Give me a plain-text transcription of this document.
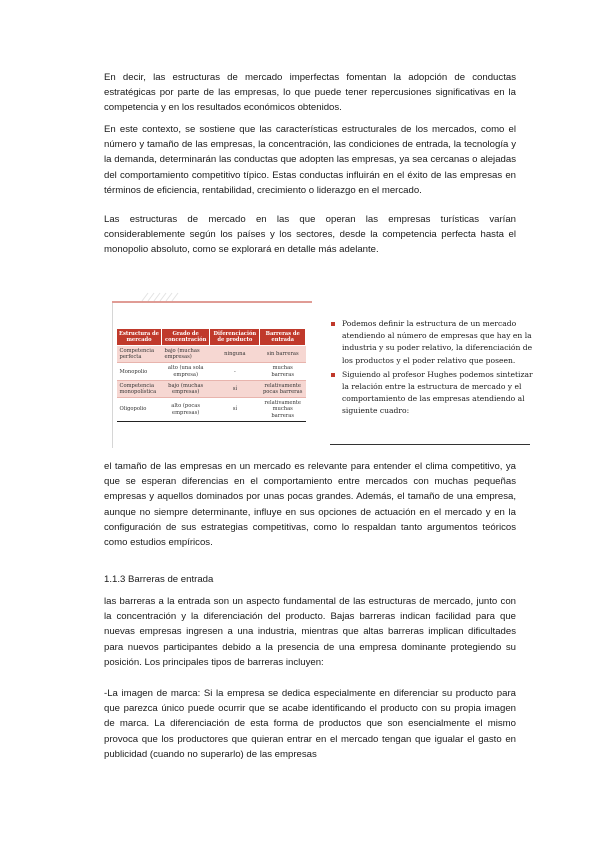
En decir, las estructuras de mercado imperfectas fomentan la adopción de conductas estratégicas por parte de las empresas, lo que puede tener repercusiones significativas en la competencia y en los resultados económicos obtenidos.

En este contexto, se sostiene que las características estructurales de los mercados, como el número y tamaño de las empresas, la concentración, las condiciones de entrada, la tecnología y la demanda, determinarán las conductas que adopten las empresas, ya sea cercanas o alejadas del comportamiento competitivo típico. Estas conductas influirán en el éxito de las empresas en términos de eficiencia, rentabilidad, crecimiento o liderazgo en el mercado.

Las estructuras de mercado en las que operan las empresas turísticas varían considerablemente según los países y los sectores, desde la competencia perfecta hasta el monopolio absoluto, como se explorará en detalle más adelante.

Estructura de mercado	Grado de concentración	Diferenciación de producto	Barreras de entrada
Competencia perfecta	bajo (muchas empresas)	ninguna	sin barreras
Monopolio	alto (una sola empresa)	-	muchas barreras
Competencia monopolística	bajo (muchas empresas)	sí	relativamente pocas barreras
Oligopolio	alto (pocas empresas)	sí	relativamente muchas barreras
Podemos definir la estructura de un mercado atendiendo al número de empresas que hay en la industria y su poder relativo, la diferenciación de los productos y el poder relativo que poseen.
Siguiendo al profesor Hughes podemos sintetizar la relación entre la estructura de mercado y el comportamiento de las empresas atendiendo al siguiente cuadro:

el tamaño de las empresas en un mercado es relevante para entender el clima competitivo, ya que se esperan diferencias en el comportamiento entre mercados con muchas pequeñas empresas y aquellos dominados por unas pocas grandes. Además, el tamaño de una empresa, aunque no siempre determinante, influye en sus opciones de actuación en el mercado y en la configuración de sus estrategias competitivas, como lo respaldan tanto argumentos teóricos como estudios empíricos.

1.1.3 Barreras de entrada

las barreras a la entrada son un aspecto fundamental de las estructuras de mercado, junto con la concentración y la diferenciación del producto. Bajas barreras indican facilidad para que nuevas empresas ingresen a una industria, mientras que altas barreras implican dificultades para nuevos participantes debido a la presencia de una empresa dominante protegiendo su posición. Los principales tipos de barreras incluyen:

-La imagen de marca: Si la empresa se dedica especialmente en diferenciar su producto para que parezca único puede ocurrir que se acabe identificando el producto con su propia imagen de marca. La diferenciación de esta forma de productos que son esencialmente el mismo provoca que los productores que quieran entrar en el mercado tengan que igualar el gasto en publicidad (cuando no superarlo) de las empresas
